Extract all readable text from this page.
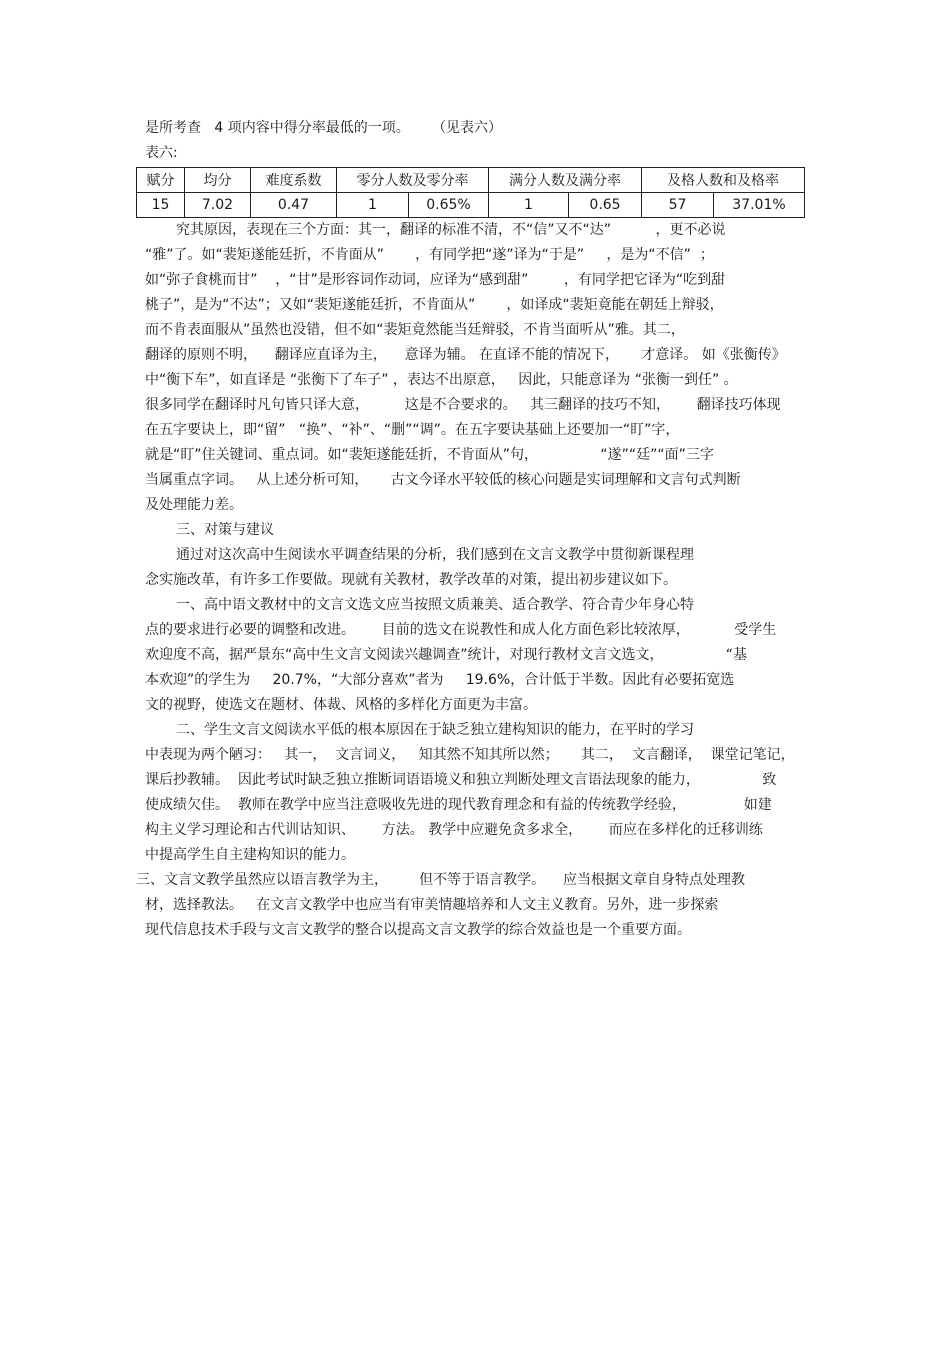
是所考查   4 项内容中得分率最低的一项。     （见表六）
表六:
赋分	均分	难度系数	零分人数及零分率		满分人数及满分率		及格人数和及格率	
15	7.02	0.47	1	0.65%	1	0.65	57	37.01%
究其原因，表现在三个方面：其一，翻译的标准不清，不“信”又不“达”          ，更不必说
“雅”了。如“裴矩遂能廷折，不肯面从”       ，有同学把“遂”译为“于是”     ，是为“不信”  ；
如“弥子食桃而甘”    ，“甘”是形容词作动词，应译为“感到甜”        ，有同学把它译为“吃到甜
桃子”，是为“不达”；又如“裴矩遂能廷折，不肯面从”       ，如译成“裴矩竟能在朝廷上辩驳，
而不肯表面服从”虽然也没错，但不如“裴矩竟然能当廷辩驳，不肯当面听从”雅。其二，
翻译的原则不明，    翻译应直译为主，    意译为辅。 在直译不能的情况下，     才意译。 如《张衡传》
中“衡下车”，如直译是 “张衡下了车子” ，表达不出原意，   因此，只能意译为 “张衡一到任” 。
很多同学在翻译时凡句皆只译大意，        这是不合要求的。   其三翻译的技巧不知，      翻译技巧体现
在五字要诀上，即“留”   “换”、“补”、“删”“调”。在五字要诀基础上还要加一“盯”字，
就是“盯”住关键词、重点词。如“裴矩遂能廷折，不肯面从”句，              “遂”“廷”“面”三字
当属重点字词。   从上述分析可知，     古文今译水平较低的核心问题是实词理解和文言句式判断
及处理能力差。
三、对策与建议
通过对这次高中生阅读水平调查结果的分析，我们感到在文言文教学中贯彻新课程理
念实施改革，有许多工作要做。现就有关教材，教学改革的对策，提出初步建议如下。
一、高中语文教材中的文言文选文应当按照文质兼美、适合教学、符合青少年身心特
点的要求进行必要的调整和改进。      目前的选文在说教性和成人化方面色彩比较浓厚，          受学生
欢迎度不高，据严景东“高中生文言文阅读兴趣调查”统计，对现行教材文言文选文，              “基
本欢迎”的学生为     20.7%，“大部分喜欢”者为     19.6%，合计低于半数。因此有必要拓宽选
文的视野，使选文在题材、体裁、风格的多样化方面更为丰富。
二、学生文言文阅读水平低的根本原因在于缺乏独立建构知识的能力，在平时的学习
中表现为两个陋习：   其一，  文言词义，   知其然不知其所以然；     其二，  文言翻译，  课堂记笔记，
课后抄教辅。  因此考试时缺乏独立推断词语语境义和独立判断处理文言语法现象的能力，              致
使成绩欠佳。  教师在教学中应当注意吸收先进的现代教育理念和有益的传统教学经验，             如建
构主义学习理论和古代训诂知识、      方法。 教学中应避免贪多求全，      而应在多样化的迁移训练
中提高学生自主建构知识的能力。
三、文言文教学虽然应以语言教学为主，       但不等于语言教学。    应当根据文章自身特点处理教
材，选择教法。   在文言文教学中也应当有审美情趣培养和人文主义教育。另外，进一步探索
现代信息技术手段与文言文教学的整合以提高文言文教学的综合效益也是一个重要方面。
